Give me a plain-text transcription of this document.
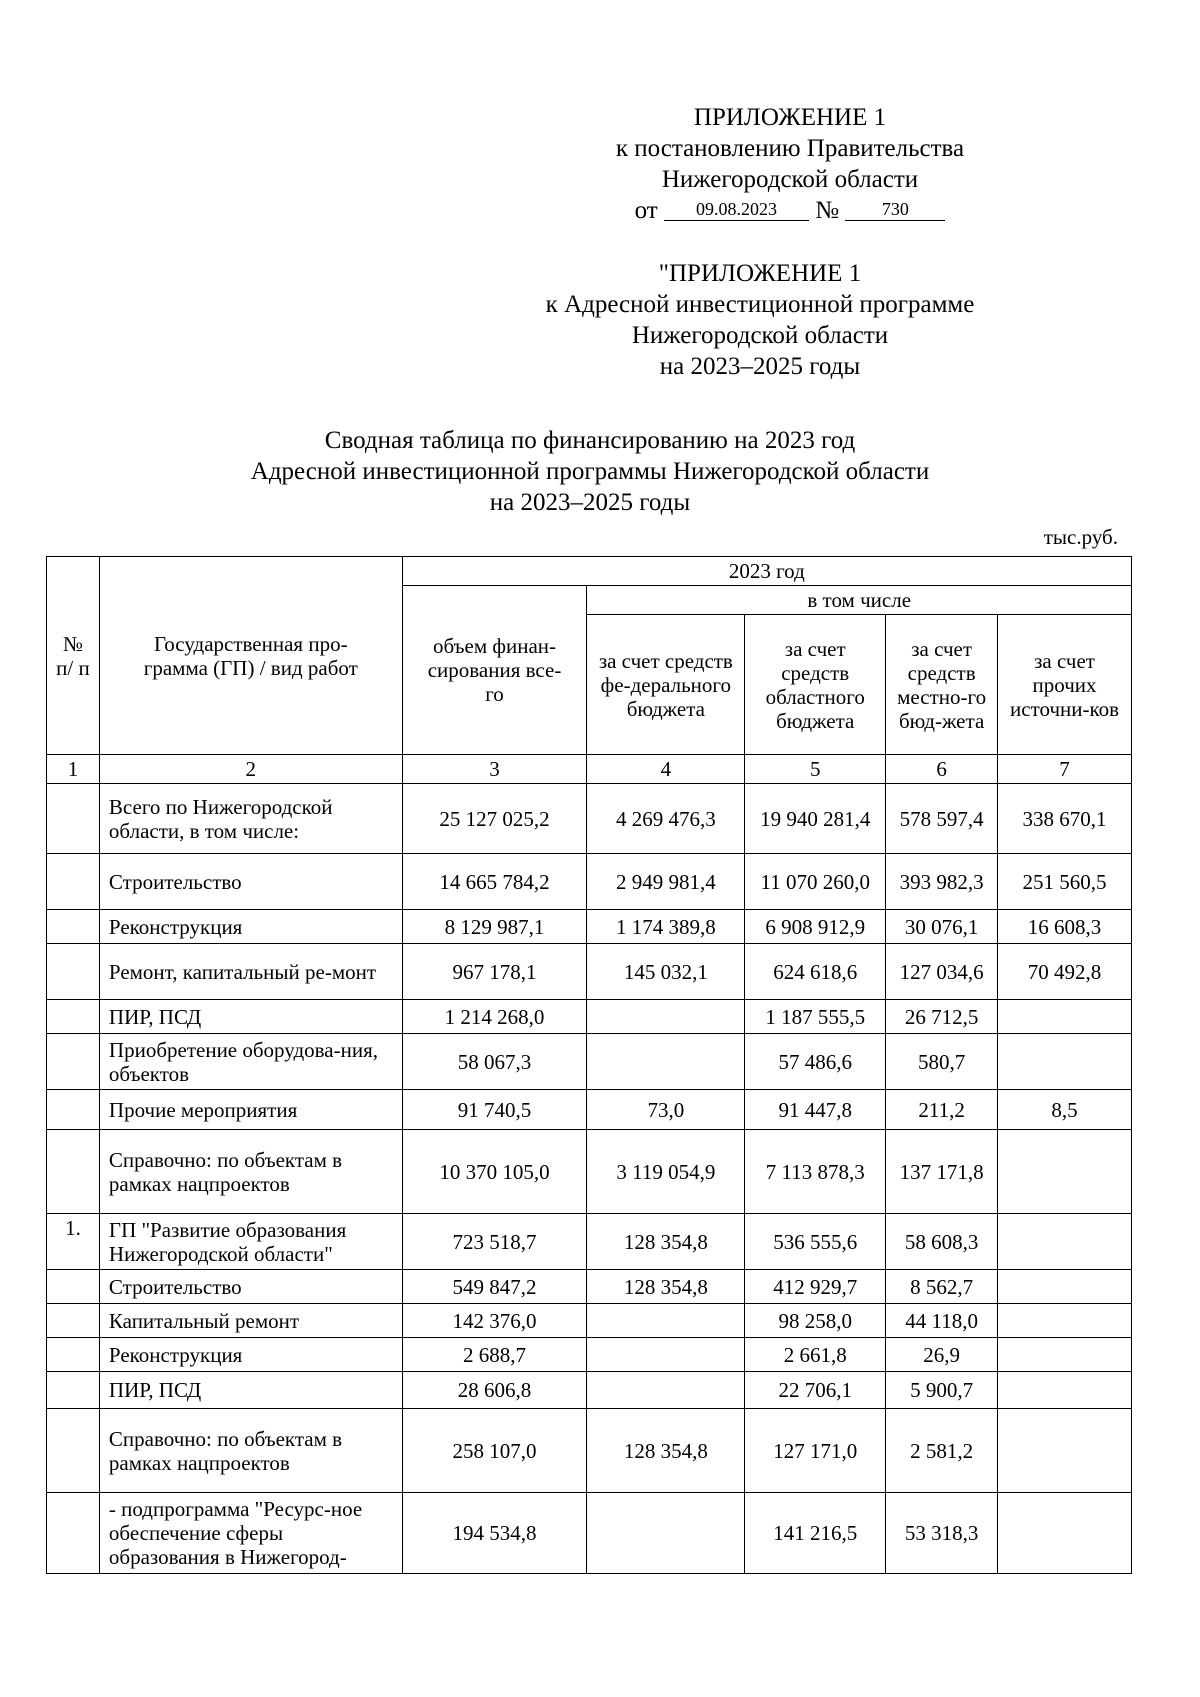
ПРИЛОЖЕНИЕ 1
к постановлению Правительства
Нижегородской области
от 09.08.2023 № 730
"ПРИЛОЖЕНИЕ 1
к Адресной инвестиционной программе
Нижегородской области
на 2023–2025 годы
Сводная таблица по финансированию на 2023 год
Адресной инвестиционной программы Нижегородской области
на 2023–2025 годы
тыс.руб.
№ п/ п	Государственная про-грамма (ГП) / вид работ	2023 год				
		объем финан-сирования все-го	в том числе			
			за счет средств фе-дерального бюджета	за счет средств областного бюджета	за счет средств местно-го бюд-жета	за счет прочих источни-ков
1	2	3	4	5	6	7
	Всего по Нижегородской области, в том числе:	25 127 025,2	4 269 476,3	19 940 281,4	578 597,4	338 670,1
	Строительство	14 665 784,2	2 949 981,4	11 070 260,0	393 982,3	251 560,5
	Реконструкция	8 129 987,1	1 174 389,8	6 908 912,9	30 076,1	16 608,3
	Ремонт, капитальный ре-монт	967 178,1	145 032,1	624 618,6	127 034,6	70 492,8
	ПИР, ПСД	1 214 268,0		1 187 555,5	26 712,5	
	Приобретение оборудова-ния, объектов	58 067,3		57 486,6	580,7	
	Прочие мероприятия	91 740,5	73,0	91 447,8	211,2	8,5
	Справочно: по объектам в рамках нацпроектов	10 370 105,0	3 119 054,9	7 113 878,3	137 171,8	
1.	ГП "Развитие образования Нижегородской области"	723 518,7	128 354,8	536 555,6	58 608,3	
	Строительство	549 847,2	128 354,8	412 929,7	8 562,7	
	Капитальный ремонт	142 376,0		98 258,0	44 118,0	
	Реконструкция	2 688,7		2 661,8	26,9	
	ПИР, ПСД	28 606,8		22 706,1	5 900,7	
	Справочно: по объектам в рамках нацпроектов	258 107,0	128 354,8	127 171,0	2 581,2	
	- подпрограмма "Ресурс-ное обеспечение сферы образования в Нижегород-	194 534,8		141 216,5	53 318,3	
